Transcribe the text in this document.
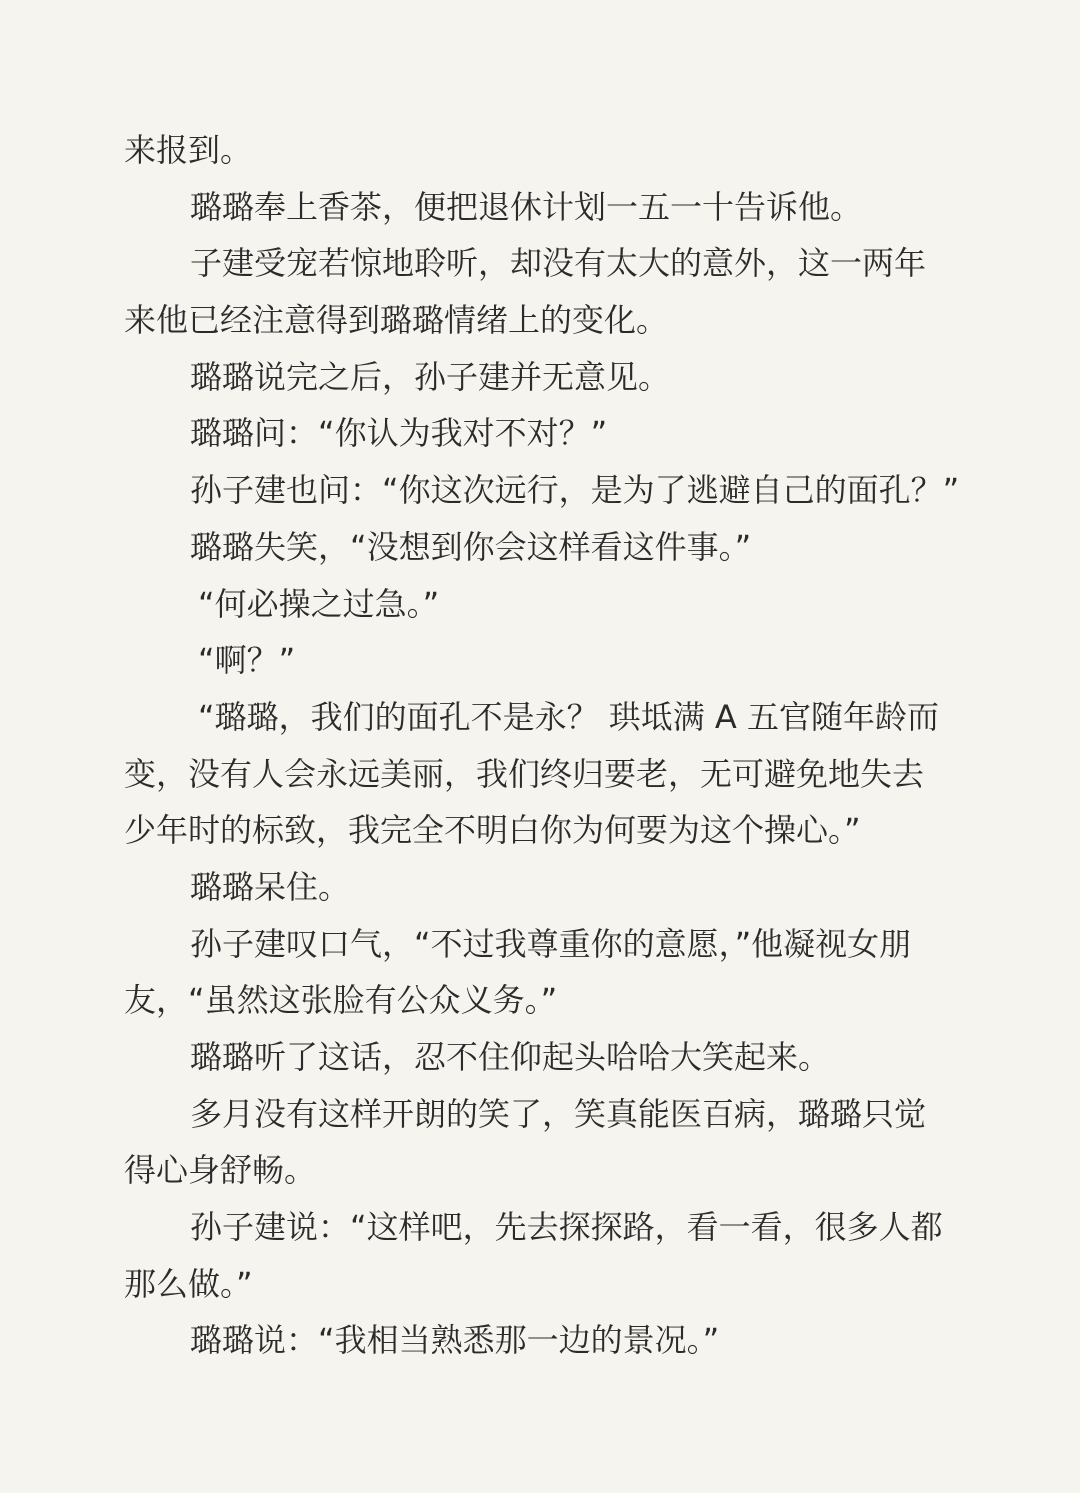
来报到。
璐璐奉上香茶，便把退休计划一五一十告诉他。
子建受宠若惊地聆听，却没有太大的意外，这一两年
来他已经注意得到璐璐情绪上的变化。
璐璐说完之后，孙子建并无意见。
璐璐问：“你认为我对不对？”
孙子建也问：“你这次远行，是为了逃避自己的面孔？”
璐璐失笑，“没想到你会这样看这件事。”
“何必操之过急。”
“啊？”
“璐璐，我们的面孔不是永？ 珙坻满 A 五官随年龄而
变，没有人会永远美丽，我们终归要老，无可避免地失去
少年时的标致，我完全不明白你为何要为这个操心。”
璐璐呆住。
孙子建叹口气，“不过我尊重你的意愿，”他凝视女朋
友，“虽然这张脸有公众义务。”
璐璐听了这话，忍不住仰起头哈哈大笑起来。
多月没有这样开朗的笑了，笑真能医百病，璐璐只觉
得心身舒畅。
孙子建说：“这样吧，先去探探路，看一看，很多人都
那么做。”
璐璐说：“我相当熟悉那一边的景况。”
